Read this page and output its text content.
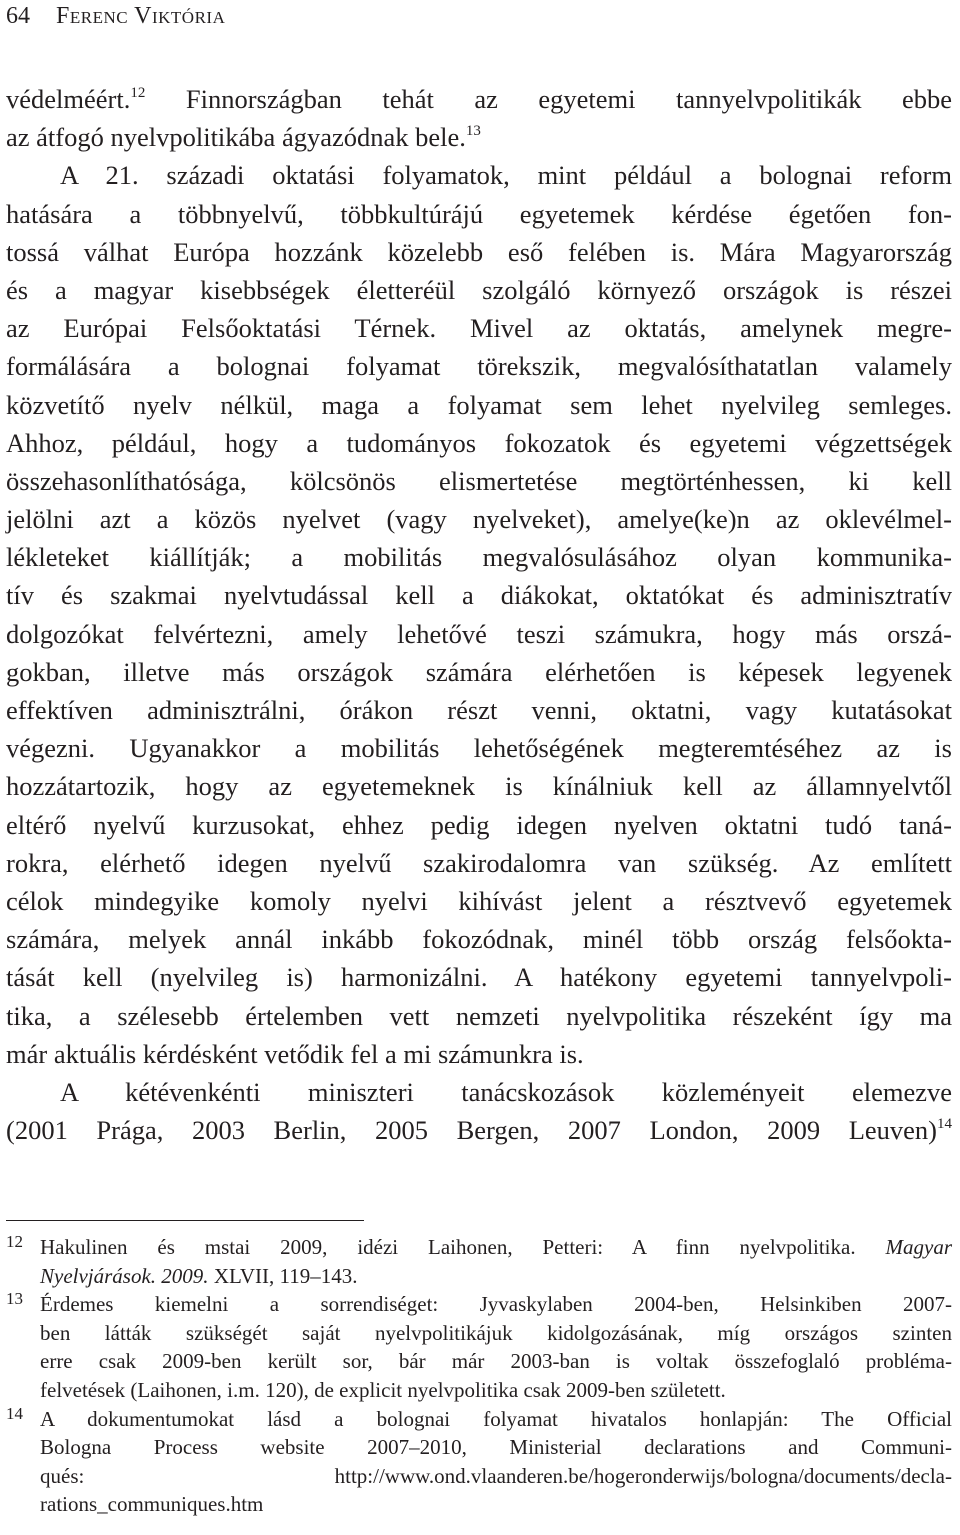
64 Ferenc Viktória
védelméért.$^{12}$ Finnországban tehát az egyetemi tannyelvpolitikák ebbe
az átfogó nyelvpolitikába ágyazódnak bele.$^{13}$
A 21. századi oktatási folyamatok, mint például a bolognai reform
hatására a többnyelvű, többkultúrájú egyetemek kérdése égetően fon-
tossá válhat Európa hozzánk közelebb eső felében is. Mára Magyarország
és a magyar kisebbségek életteréül szolgáló környező országok is részei
az Európai Felsőoktatási Térnek. Mivel az oktatás, amelynek megre-
formálására a bolognai folyamat törekszik, megvalósíthatatlan valamely
közvetítő nyelv nélkül, maga a folyamat sem lehet nyelvileg semleges.
Ahhoz, például, hogy a tudományos fokozatok és egyetemi végzettségek
összehasonlíthatósága, kölcsönös elismertetése megtörténhessen, ki kell
jelölni azt a közös nyelvet (vagy nyelveket), amelye(ke)n az oklevélmel-
lékleteket kiállítják; a mobilitás megvalósulásához olyan kommunika-
tív és szakmai nyelvtudással kell a diákokat, oktatókat és adminisztratív
dolgozókat felvértezni, amely lehetővé teszi számukra, hogy más orszá-
gokban, illetve más országok számára elérhetően is képesek legyenek
effektíven adminisztrálni, órákon részt venni, oktatni, vagy kutatásokat
végezni. Ugyanakkor a mobilitás lehetőségének megteremtéséhez az is
hozzátartozik, hogy az egyetemeknek is kínálniuk kell az államnyelvtől
eltérő nyelvű kurzusokat, ehhez pedig idegen nyelven oktatni tudó taná-
rokra, elérhető idegen nyelvű szakirodalomra van szükség. Az említett
célok mindegyike komoly nyelvi kihívást jelent a résztvevő egyetemek
számára, melyek annál inkább fokozódnak, minél több ország felsőokta-
tását kell (nyelvileg is) harmonizálni. A hatékony egyetemi tannyelvpoli-
tika, a szélesebb értelemben vett nemzeti nyelvpolitika részeként így ma
már aktuális kérdésként vetődik fel a mi számunkra is.
A kétévenkénti miniszteri tanácskozások közleményeit elemezve
(2001 Prága, 2003 Berlin, 2005 Bergen, 2007 London, 2009 Leuven)$^{14}$
12 Hakulinen és mstai 2009, idézi Laihonen, Petteri: A finn nyelvpolitika. Magyar
Nyelvjárások. 2009. XLVII, 119–143.
13 Érdemes kiemelni a sorrendiséget: Jyvaskylaben 2004-ben, Helsinkiben 2007-
ben látták szükségét saját nyelvpolitikájuk kidolgozásának, míg országos szinten
erre csak 2009-ben került sor, bár már 2003-ban is voltak összefoglaló probléma-
felvetések (Laihonen, i.m. 120), de explicit nyelvpolitika csak 2009-ben született.
14 A dokumentumokat lásd a bolognai folyamat hivatalos honlapján: The Official
Bologna Process website 2007–2010, Ministerial declarations and Communi-
qués: http://www.ond.vlaanderen.be/hogeronderwijs/bologna/documents/decla-
rations_communiques.htm
